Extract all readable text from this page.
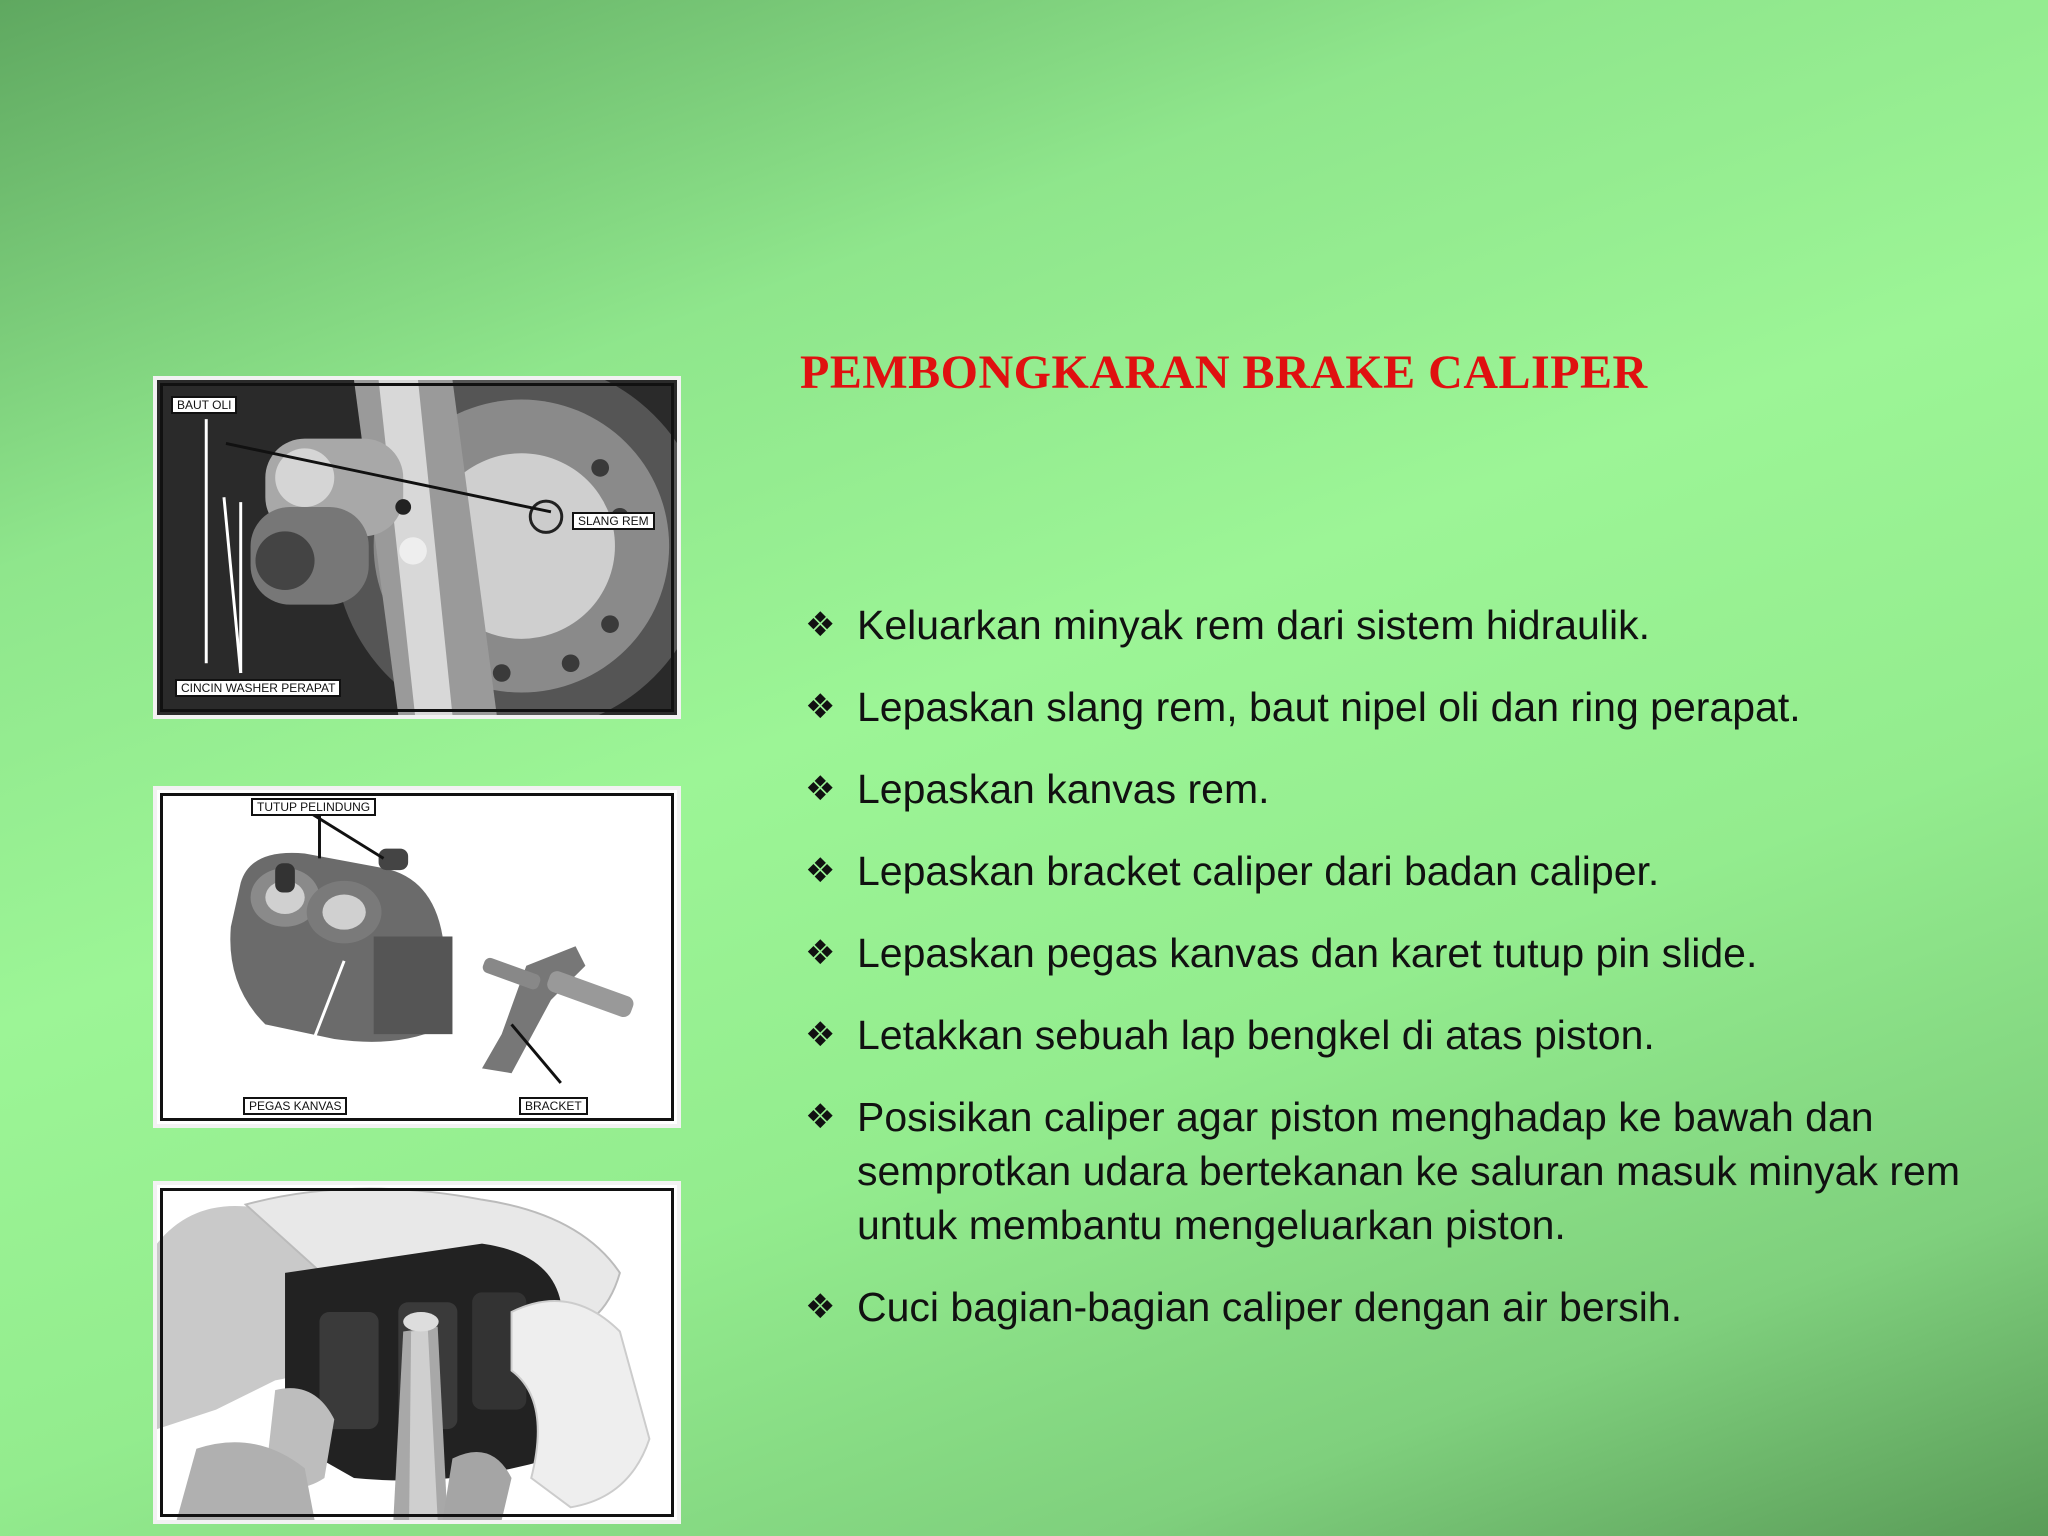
PEMBONGKARAN BRAKE CALIPER
BAUT OLI
SLANG REM
CINCIN WASHER PERAPAT
TUTUP PELINDUNG
PEGAS KANVAS	BRACKET
❖ Keluarkan minyak rem dari sistem hidraulik.
❖ Lepaskan slang rem, baut nipel oli dan ring perapat.
❖ Lepaskan kanvas rem.
❖ Lepaskan bracket caliper dari badan caliper.
❖ Lepaskan pegas kanvas dan karet tutup pin slide.
❖ Letakkan sebuah lap bengkel di atas piston.
❖ Posisikan caliper agar piston menghadap ke bawah dan semprotkan udara bertekanan ke saluran masuk minyak rem untuk membantu mengeluarkan piston.
❖ Cuci bagian-bagian caliper dengan air bersih.
